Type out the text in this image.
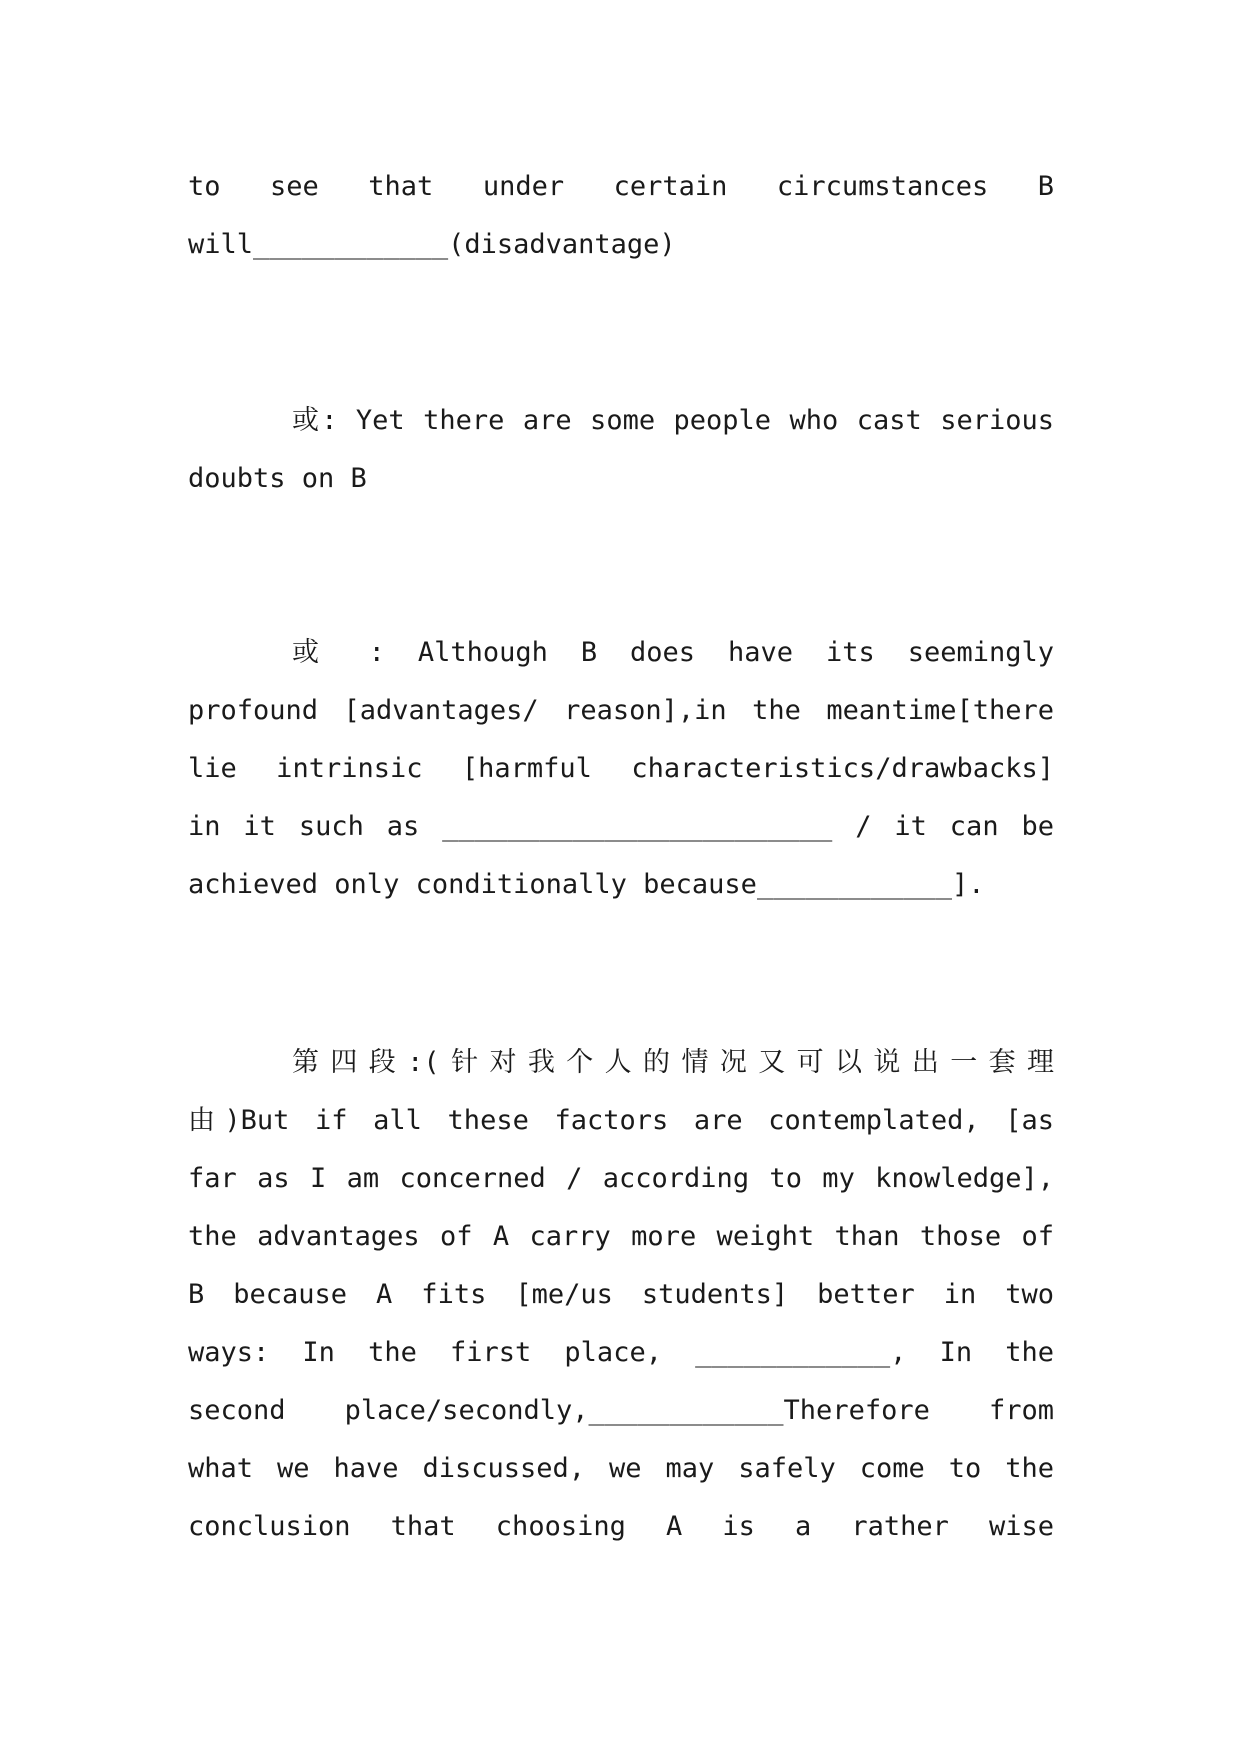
to see that under certain circumstances B
will____________(disadvantage)

或: Yet there are some people who cast serious
doubts on B

或 : Although B does have its seemingly
profound [advantages/ reason],in the meantime[there
lie intrinsic [harmful characteristics/drawbacks]
in it such as ________________________ / it can be
achieved only conditionally because____________].

第四段:(针对我个人的情况又可以说出一套理
由)But if all these factors are contemplated, [as
far as I am concerned / according to my knowledge],
the advantages of A carry more weight than those of
B because A fits [me/us students] better in two
ways: In the first place, ____________, In the
second place/secondly,____________Therefore from
what we have discussed, we may safely come to the
conclusion that choosing A is a rather wise
